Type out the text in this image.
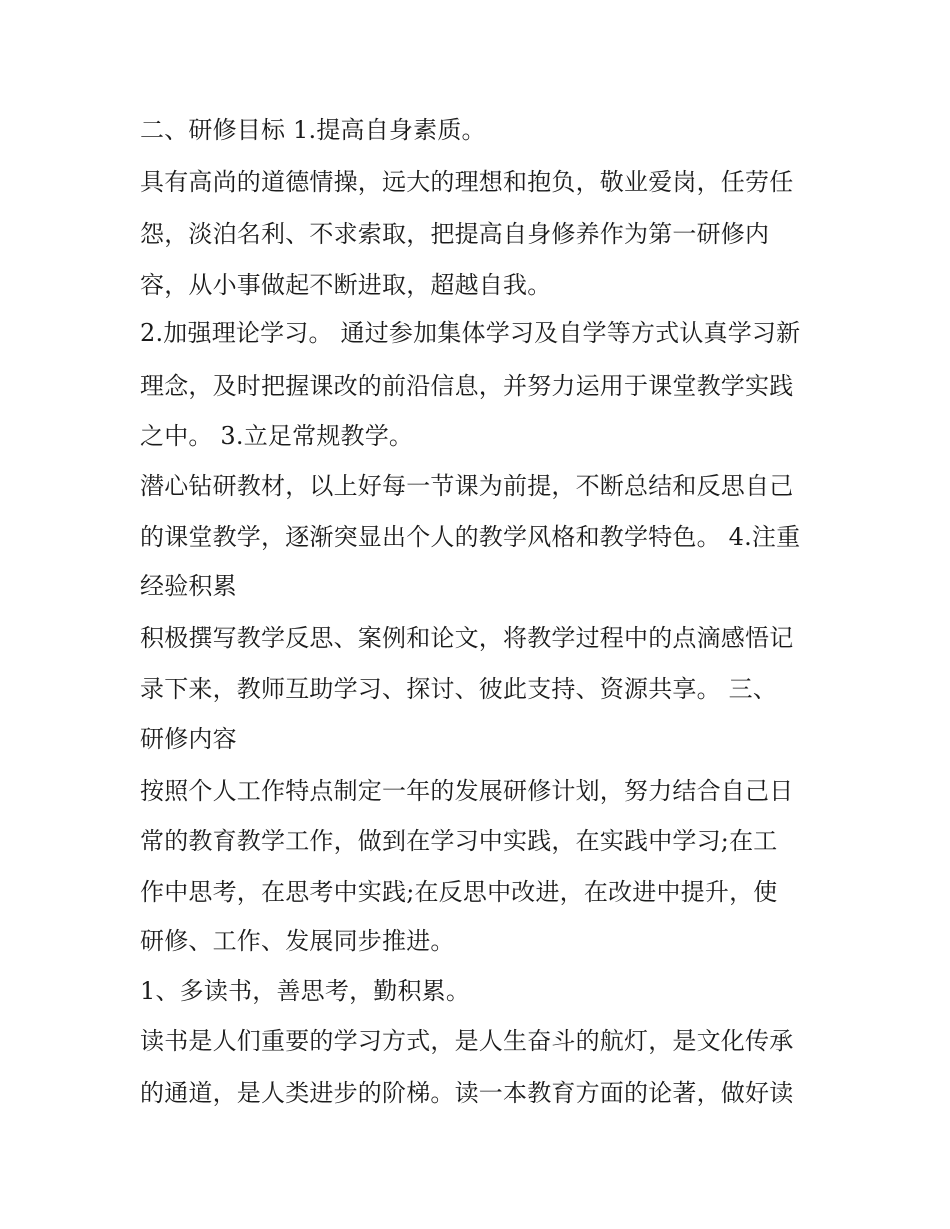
二、研修目标 1.提高自身素质。
具有高尚的道德情操，远大的理想和抱负，敬业爱岗，任劳任
怨，淡泊名利、不求索取，把提高自身修养作为第一研修内
容，从小事做起不断进取，超越自我。
2.加强理论学习。 通过参加集体学习及自学等方式认真学习新
理念，及时把握课改的前沿信息，并努力运用于课堂教学实践
之中。 3.立足常规教学。
潜心钻研教材，以上好每一节课为前提，不断总结和反思自己
的课堂教学，逐渐突显出个人的教学风格和教学特色。 4.注重
经验积累
积极撰写教学反思、案例和论文，将教学过程中的点滴感悟记
录下来，教师互助学习、探讨、彼此支持、资源共享。 三、
研修内容
按照个人工作特点制定一年的发展研修计划，努力结合自己日
常的教育教学工作，做到在学习中实践，在实践中学习;在工
作中思考，在思考中实践;在反思中改进，在改进中提升，使
研修、工作、发展同步推进。
1、多读书，善思考，勤积累。
读书是人们重要的学习方式，是人生奋斗的航灯，是文化传承
的通道，是人类进步的阶梯。读一本教育方面的论著，做好读
